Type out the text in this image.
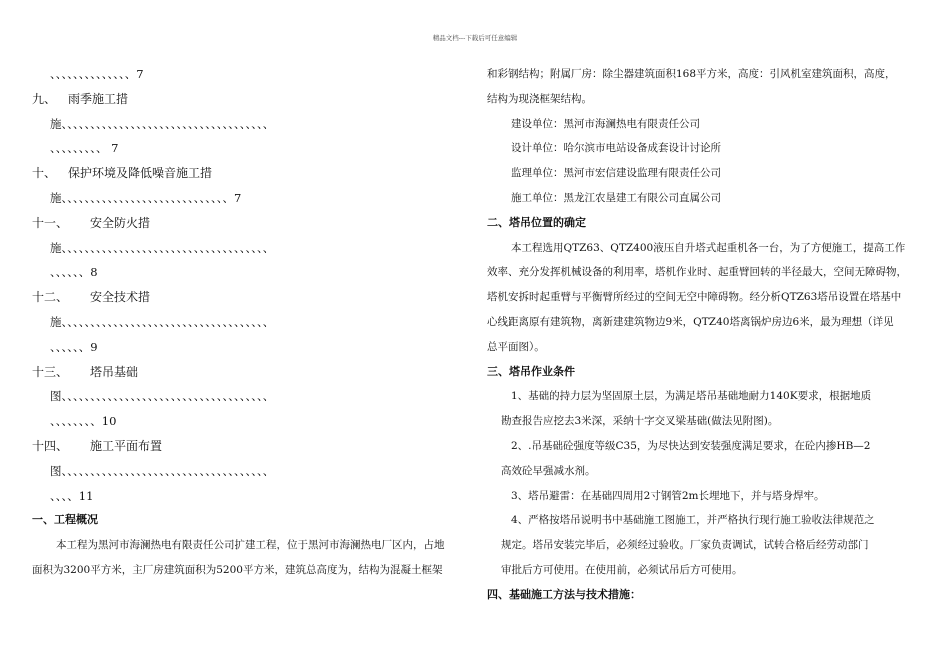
精品文档---下载后可任意编辑
、、、、、、、、、、、、、、7
九、 雨季施工措
施、、、、、、、、、、、、、、、、、、、、、、、、、、、、、、、、、、、、
、、、、、、、、、 7
十、 保护环境及降低噪音施工措
施、、、、、、、、、、、、、、、、、、、、、、、、、、、、、7
十一、 安全防火措
施、、、、、、、、、、、、、、、、、、、、、、、、、、、、、、、、、、、、
、、、、、、8
十二、 安全技术措
施、、、、、、、、、、、、、、、、、、、、、、、、、、、、、、、、、、、、
、、、、、、9
十三、 塔吊基础
图、、、、、、、、、、、、、、、、、、、、、、、、、、、、、、、、、、、、
、、、、、、、、10
十四、 施工平面布置
图、、、、、、、、、、、、、、、、、、、、、、、、、、、、、、、、、、、、
、、、、11
一、工程概况
本工程为黑河市海澜热电有限责任公司扩建工程，位于黑河市海澜热电厂区内，占地
面积为3200平方米，主厂房建筑面积为5200平方米，建筑总高度为，结构为混凝土框架
和彩钢结构；附属厂房：除尘器建筑面积168平方米，高度：引风机室建筑面积，高度，
结构为现浇框架结构。
建设单位：黑河市海澜热电有限责任公司
设计单位：哈尔滨市电站设备成套设计讨论所
监理单位：黑河市宏信建设监理有限责任公司
施工单位：黑龙江农垦建工有限公司直属公司
二、塔吊位置的确定
本工程选用QTZ63、QTZ400液压自升塔式起重机各一台，为了方便施工，提高工作
效率、充分发挥机械设备的利用率，塔机作业时、起重臂回转的半径最大，空间无障碍物，
塔机安拆时起重臂与平衡臂所经过的空间无空中障碍物。经分析QTZ63塔吊设置在塔基中
心线距离原有建筑物，离新建建筑物边9米，QTZ40塔离锅炉房边6米，最为理想（详见
总平面图）。
三、塔吊作业条件
1、基础的持力层为坚固原土层，为满足塔吊基础地耐力140K要求，根据地质
勘查报告应挖去3米深，采纳十字交叉梁基础(做法见附图)。
2、.吊基础砼强度等级C35，为尽快达到安装强度满足要求，在砼内掺HB—2
高效砼早强减水剂。
3、塔吊避雷：在基础四周用2寸钢管2m长埋地下，并与塔身焊牢。
4、严格按塔吊说明书中基础施工图施工，并严格执行现行施工验收法律规范之
规定。塔吊安装完毕后，必须经过验收。厂家负责调试，试转合格后经劳动部门
审批后方可使用。在使用前，必须试吊后方可使用。
四、基础施工方法与技术措施：
